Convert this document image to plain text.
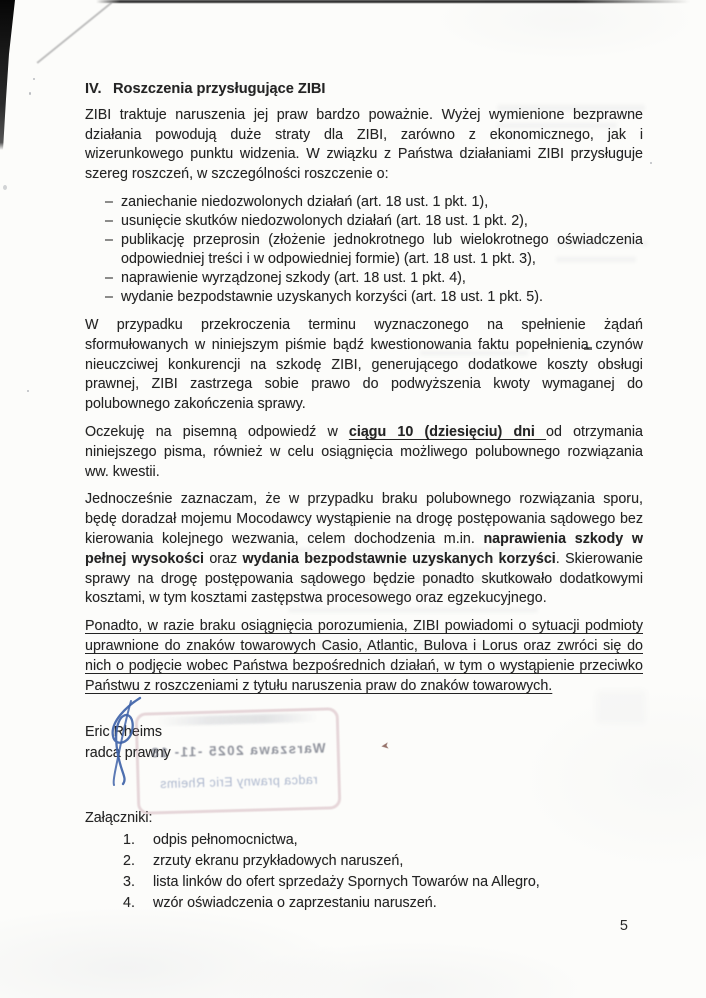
➤
IV. Roszczenia przysługujące ZIBI

ZIBI traktuje naruszenia jej praw bardzo poważnie. Wyżej wymienione bezprawne działania powodują duże straty dla ZIBI, zarówno z ekonomicznego, jak i wizerunkowego punktu widzenia. W związku z Państwa działaniami ZIBI przysługuje szereg roszczeń, w szczególności roszczenie o:

– zaniechanie niedozwolonych działań (art. 18 ust. 1 pkt. 1),
– usunięcie skutków niedozwolonych działań (art. 18 ust. 1 pkt. 2),
– publikację przeprosin (złożenie jednokrotnego lub wielokrotnego oświadczenia odpowiedniej treści i w odpowiedniej formie) (art. 18 ust. 1 pkt. 3),
– naprawienie wyrządzonej szkody (art. 18 ust. 1 pkt. 4),
– wydanie bezpodstawnie uzyskanych korzyści (art. 18 ust. 1 pkt. 5).

W przypadku przekroczenia terminu wyznaczonego na spełnienie żądań sformułowanych w niniejszym piśmie bądź kwestionowania faktu popełnienia czynów nieuczciwej konkurencji na szkodę ZIBI, generującego dodatkowe koszty obsługi prawnej, ZIBI zastrzega sobie prawo do podwyższenia kwoty wymaganej do polubownego zakończenia sprawy.

Oczekuję na pisemną odpowiedź w ciągu 10 (dziesięciu) dni od otrzymania niniejszego pisma, również w celu osiągnięcia możliwego polubownego rozwiązania ww. kwestii.

Jednocześnie zaznaczam, że w przypadku braku polubownego rozwiązania sporu, będę doradzał mojemu Mocodawcy wystąpienie na drogę postępowania sądowego bez kierowania kolejnego wezwania, celem dochodzenia m.in. naprawienia szkody w pełnej wysokości oraz wydania bezpodstawnie uzyskanych korzyści. Skierowanie sprawy na drogę postępowania sądowego będzie ponadto skutkowało dodatkowymi kosztami, w tym kosztami zastępstwa procesowego oraz egzekucyjnego.

Ponadto, w razie braku osiągnięcia porozumienia, ZIBI powiadomi o sytuacji podmioty uprawnione do znaków towarowych Casio, Atlantic, Bulova i Lorus oraz zwróci się do nich o podjęcie wobec Państwa bezpośrednich działań, w tym o wystąpienie przeciwko Państwu z roszczeniami z tytułu naruszenia praw do znaków towarowych.

Eric Rheims
radca prawny
Załączniki:
1.	odpis pełnomocnictwa,
2.	zrzuty ekranu przykładowych naruszeń,
3.	lista linków do ofert sprzedaży Spornych Towarów na Allegro,
4.	wzór oświadczenia o zaprzestaniu naruszeń.
Warszawa 2025 -11- 18
radca prawny Eric Rheims
5
